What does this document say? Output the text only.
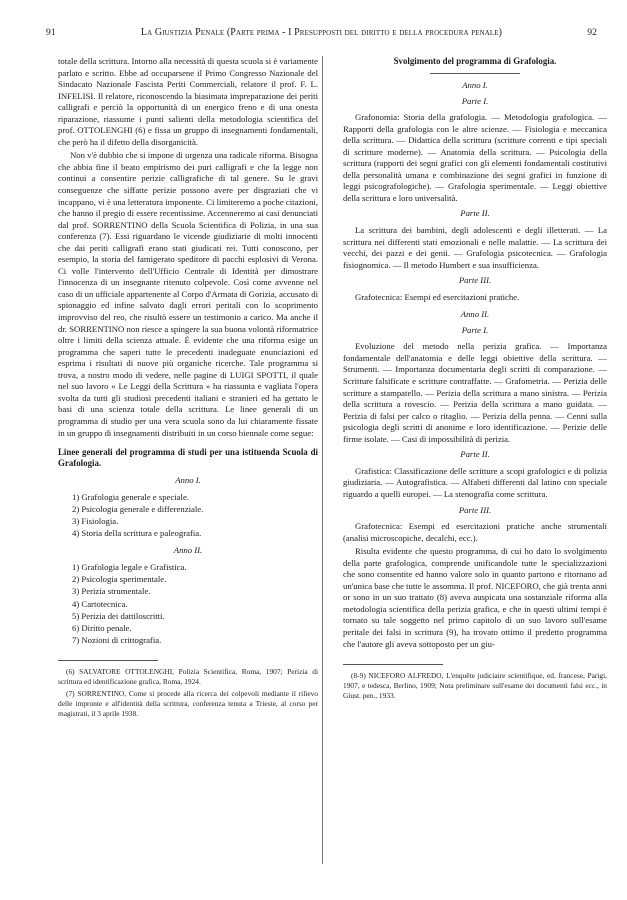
91	La Giustizia Penale (Parte prima - I Presupposti del diritto e della procedura penale)	92

totale della scrittura. Intorno alla necessità di questa scuola si è variamente parlato e scritto. Ebbe ad occuparsene il Primo Congresso Nazionale del Sindacato Nazionale Fascista Periti Commerciali, relatore il prof. F. L. INFELISI. Il relatore, riconoscendo la biasimata impreparazione dei periti calligrafi e perciò la opportunità di un energico freno e di una onesta riparazione, riassume i punti salienti della metodologia scientifica del prof. OTTOLENGHI (6) e fissa un gruppo di insegnamenti fondamentali, che però ha il difetto della disorganicità.

Non v'è dubbio che si impone di urgenza una radicale riforma. Bisogna che abbia fine il beato empirismo dei puri calligrafi e che la legge non continui a consentire perizie calligrafiche di tal genere. Su le gravi conseguenze che siffatte perizie possono avere per disgraziati che vi incappano, vi è una letteratura imponente. Ci limiteremo a poche citazioni, che hanno il pregio di essere recentissime. Accenneremo ai casi denunciati dal prof. SORRENTINO della Scuola Scientifica di Polizia, in una sua conferenza (7). Essi riguardano le vicende giudiziarie di molti innocenti che dai periti calligrafi erano stati giudicati rei. Tutti conoscono, per esempio, la storia del famigerato speditore di pacchi esplosivi di Verona. Ci volle l'intervento dell'Ufficio Centrale di Identità per dimostrare l'innocenza di un insegnante ritenuto colpevole. Così come avvenne nel caso di un ufficiale appartenente al Corpo d'Armata di Gorizia, accusato di spionaggio ed infine salvato dagli errori peritali con lo scoprimento improvviso del reo, che risultò essere un testimonio a carico. Ma anche il dr. SORRENTINO non riesce a spingere la sua buona volontà riformatrice oltre i limiti della scienza attuale. È evidente che una riforma esige un programma che saperi tutte le precedenti inadeguate enunciazioni ed esprima i risultati di nuove più organiche ricerche. Tale programma si trova, a nostro modo di vedere, nelle pagine di LUIGI SPOTTI, il quale nel suo lavoro « Le Leggi della Scrittura » ha riassunta e vagliata l'opera svolta da tutti gli studiosi precedenti italiani e stranieri ed ha gettato le basi di una scienza totale della scrittura. Le linee generali di un programma di studio per una vera scuola sono da lui chiaramente fissate in un gruppo di insegnamenti distribuiti in un corso biennale come segue:

Linee generali del programma di studi per una istituenda Scuola di Grafologia.

Anno I.

1) Grafologia generale e speciale.
2) Psicologia generale e differenziale.
3) Fisiologia.
4) Storia della scrittura e paleografia.

Anno II.

1) Grafologia legale e Grafistica.
2) Psicologia sperimentale.
3) Perizia strumentale.
4) Cartotecnica.
5) Perizia dei dattiloscritti.
6) Diritto penale.
7) Nozioni di crittografia.

(6) SALVATORE OTTOLENGHI, Polizia Scientifica, Roma, 1907; Perizia di scrittura ed identificazione grafica, Roma, 1924.

(7) SORRENTINO, Come si procede alla ricerca dei colpevoli mediante il rilievo delle impronte e all'identità della scrittura, conferenza tenuta a Trieste, al corso per magistrati, il 3 aprile 1938.

Svolgimento del programma di Grafologia.

Anno I.

Parte I.

Grafonomia: Storia della grafologia. — Metodologia grafologica. — Rapporti della grafologia con le altre scienze. — Fisiologia e meccanica della scrittura. — Didattica della scrittura (scritture correnti e tipi speciali di scritture moderne). — Anatomia della scrittura. — Psicologia della scrittura (rapporti dei segni grafici con gli elementi fondamentali costitutivi della personalità umana e combinazione dei segni grafici in funzione di leggi psicografologiche). — Grafologia sperimentale. — Leggi obiettive della scrittura e loro universalità.

Parte II.

La scrittura dei bambini, degli adolescenti e degli illetterati. — La scrittura nei differenti stati emozionali e nelle malattie. — La scrittura dei vecchi, dei pazzi e dei genii. — Grafologia psicotecnica. — Grafologia fisiognomica. — Il metodo Humbert e sua insufficienza.

Parte III.

Grafotecnica: Esempi ed esercitazioni pratiche.

Anno II.

Parte I.

Evoluzione del metodo nella perizia grafica. — Importanza fondamentale dell'anatomia e delle leggi obiettive della scrittura. — Strumenti. — Importanza documentaria degli scritti di comparazione. — Scritture falsificate e scritture contraffatte. — Grafometria. — Perizia delle scritture a stampatello. — Perizia della scrittura a mano sinistra. — Perizia della scrittura a rovescio. — Perizia della scrittura a mano guidata. — Perizia di falsi per calco o ritaglio. — Perizia della penna. — Cenni sulla psicologia degli scritti di anonime e loro identificazione. — Perizie delle firme isolate. — Casi di impossibilità di perizia.

Parte II.

Grafistica: Classificazione delle scritture a scopi grafologici e di polizia giudiziaria. — Autografistica. — Alfabeti differenti dal latino con speciale riguardo a quelli europei. — La stenografia come scrittura.

Parte III.

Grafotecnica: Esempi ed esercitazioni pratiche anche strumentali (analisi microscopiche, decalchi, ecc.).

Risulta evidente che questo programma, di cui ho dato lo svolgimento della parte grafologica, comprende unificandole tutte le specializzazioni che sono consentite ed hanno valore solo in quanto partono e ritornano ad un'unica base che tutte le assomma. Il prof. NICEFORO, che già trenta anni or sono in un suo trattato (8) aveva auspicata una sostanziale riforma alla metodologia scientifica della perizia grafica, e che in questi ultimi tempi è tornato su tale soggetto nel primo capitolo di un suo lavoro sull'esame peritale dei falsi in scrittura (9), ha trovato ottimo il predetto programma che l'autore gli aveva sottoposto per un giu-

(8-9) NICEFORO ALFREDO, L'enquête judiciaire scientifique, ed. francese, Parigi, 1907, e tedesca, Berlino, 1909; Nota preliminare sull'esame dei documenti falsi ecc., in Giust. pen., 1933.
